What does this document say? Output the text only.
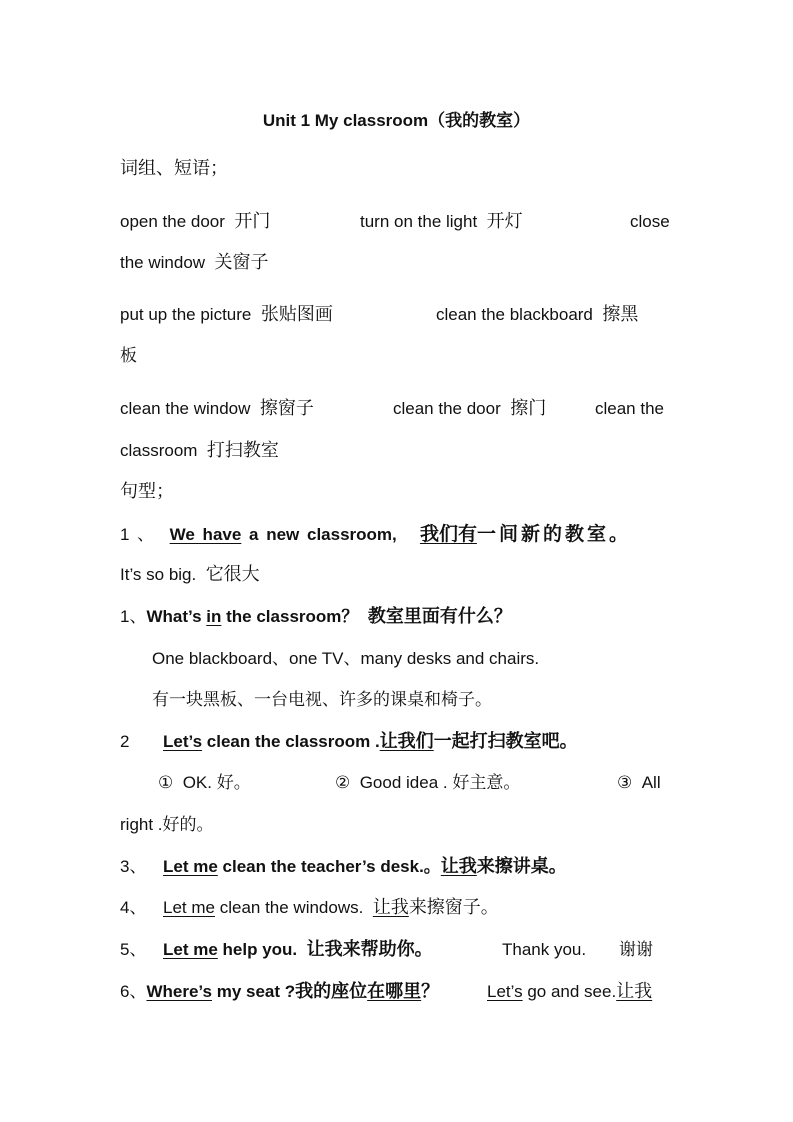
Unit 1 My classroom（我的教室）
词组、短语；
open the door 开门	turn on the light 开灯	close
the window 关窗子
put up the picture 张贴图画	clean the blackboard 擦黑
板
clean the window 擦窗子	clean the door 擦门	clean the
classroom 打扫教室
句型；
1 、 We have a new classroom, 我们有一间新的教室。
It’s so big. 它很大
1、What’s in the classroom？ 教室里面有什么？
One blackboard、one TV、many desks and chairs.
有一块黑板、一台电视、许多的课桌和椅子。
2 Let’s clean the classroom .让我们一起打扫教室吧。
① OK. 好。	② Good idea . 好主意。	③ All
right .好的。
3、 Let me clean the teacher’s desk.。让我来擦讲桌。
4、 Let me clean the windows. 让我来擦窗子。
5、 Let me help you. 让我来帮助你。	Thank you. 谢谢
6、Where’s my seat ?我的座位在哪里？	Let’s go and see.让我
